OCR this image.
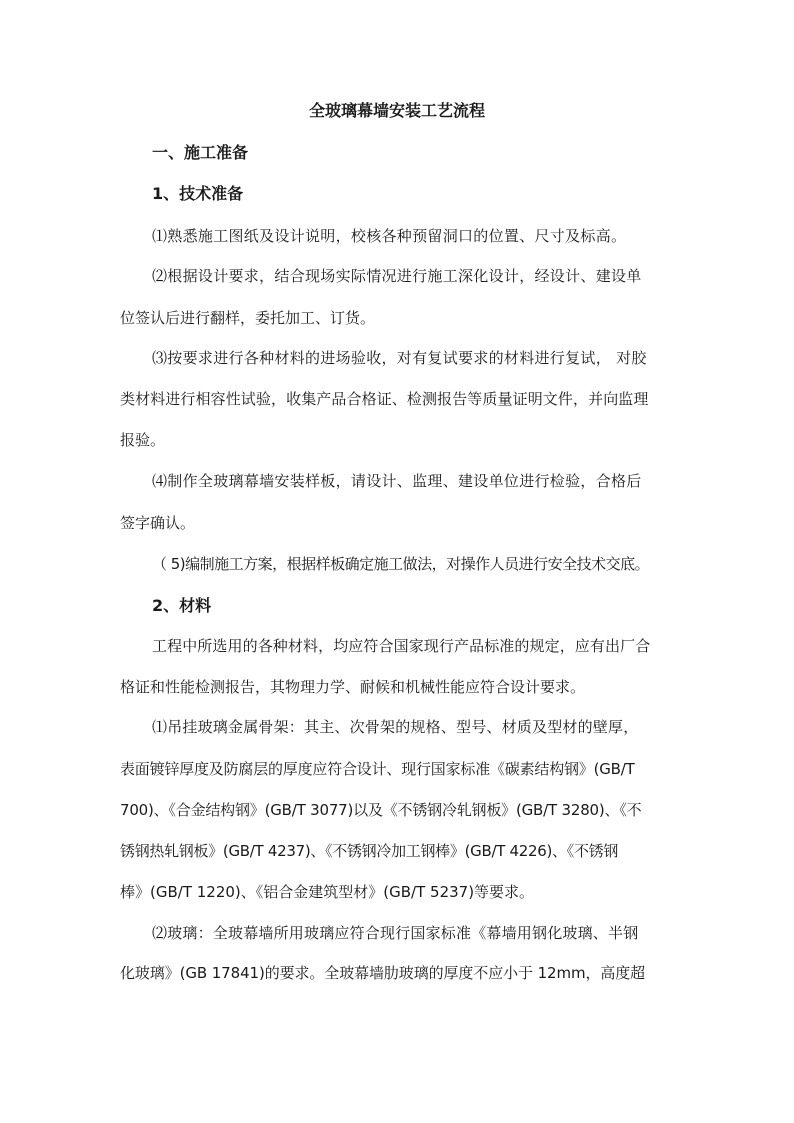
全玻璃幕墙安装工艺流程
一、施工准备
1、技术准备
⑴熟悉施工图纸及设计说明，校核各种预留洞口的位置、尺寸及标高。
⑵根据设计要求，结合现场实际情况进行施工深化设计，经设计、建设单
位签认后进行翻样，委托加工、订货。
⑶按要求进行各种材料的进场验收，对有复试要求的材料进行复试， 对胶
类材料进行相容性试验，收集产品合格证、检测报告等质量证明文件，并向监理
报验。
⑷制作全玻璃幕墙安装样板，请设计、监理、建设单位进行检验，合格后
签字确认。
（ 5)编制施工方案，根据样板确定施工做法，对操作人员进行安全技术交底。
2、材料
工程中所选用的各种材料，均应符合国家现行产品标准的规定，应有出厂合
格证和性能检测报告，其物理力学、耐候和机械性能应符合设计要求。
⑴吊挂玻璃金属骨架：其主、次骨架的规格、型号、材质及型材的壁厚，
表面镀锌厚度及防腐层的厚度应符合设计、现行国家标准《碳素结构钢》(GB/T
700)、《合金结构钢》(GB/T 3077)以及《不锈钢冷轧钢板》(GB/T 3280)、《不
锈钢热轧钢板》(GB/T 4237)、《不锈钢冷加工钢棒》(GB/T 4226)、《不锈钢
棒》(GB/T 1220)、《铝合金建筑型材》(GB/T 5237)等要求。
⑵玻璃：全玻幕墙所用玻璃应符合现行国家标准《幕墙用钢化玻璃、半钢
化玻璃》(GB 17841)的要求。全玻幕墙肋玻璃的厚度不应小于 12mm，高度超
